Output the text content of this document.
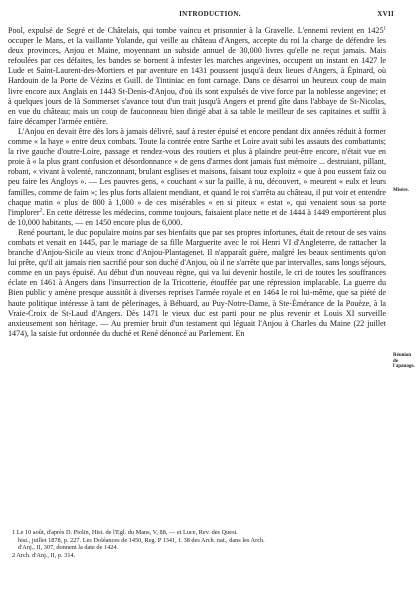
INTRODUCTION.	XVII

Pool, expulsé de Segré et de Châtelais, qui tombe vaincu et prisonnier à la Gravelle. L'ennemi revient en 1425$^1$ occuper le Mans, et la vaillante Yolande, qui veille au château d'Angers, accepte du roi la charge de défendre les deux provinces, Anjou et Maine, moyennant un subside annuel de 30,000 livres qu'elle ne reçut jamais. Mais refoulées par ces défaites, les bandes se bornent à infester les marches angevines, occupent un instant en 1427 le Lude et Saint-Laurent-des-Mortiers et par aventure en 1431 poussent jusqu'à deux lieues d'Angers, à Épinard, où Hardouin de la Porte de Vézins et Guill. de Tintiniac en font carnage. Dans ce désarroi un heureux coup de main livre encore aux Anglais en 1443 St-Denis-d'Anjou, d'où ils sont expulsés de vive force par la noblesse angevine; et à quelques jours de là Sommerset s'avance tout d'un trait jusqu'à Angers et prend gîte dans l'abbaye de St-Nicolas, en vue du château; mais un coup de fauconneau bien dirigé abat à sa table le meilleur de ses capitaines et suffit à faire décamper l'armée entière.

L'Anjou en devait être dès lors à jamais délivré, sauf à rester épuisé et encore pendant dix années réduit à former comme « la haye » entre deux combats. Toute la contrée entre Sarthe et Loire avait subi les assauts des combattants; la rive gauche d'outre-Loire, passage et rendez-vous des routiers et plus à plaindre peut-être encore, n'était vue en proie à « la plus grant confusion et désordonnance « de gens d'armes dont jamais fust mémoire ... destruiant, pillant, robant, « vivant à volenté, ranczonnant, brulant esglises et maisons, faisant touz exploitz « que à pou eussent faiz ou peu faire les Angloys ». — Les pauvres gens, « couchant « sur la paille, à nu, découvert, » meurent « eulx et leurs familles, comme de faim »; les plus forts allaient mendiant, et quand le roi s'arrêta au château, il put voir et entendre chaque matin « plus de 800 à 1,000 » de ces misérables « en si piteux « estat », qui venaient sous sa porte l'implorer$^2$. En cette détresse les médecins, comme toujours, faisaient place nette et de 1444 à 1449 emportèrent plus de 10,000 habitants, — en 1450 encore plus de 6,000.

René pourtant, le duc populaire moins par ses bienfaits que par ses propres infortunes, était de retour de ses vains combats et venait en 1445, par le mariage de sa fille Marguerite avec le roi Henri VI d'Angleterre, de rattacher la branche d'Anjou-Sicile au vieux tronc d'Anjou-Plantagenet. Il n'apparaît guère, malgré les beaux sentiments qu'on lui prête, qu'il ait jamais rien sacrifié pour son duché d'Anjou, où il ne s'arrête que par intervalles, sans longs séjours, comme en un pays épuisé. Au début d'un nouveau règne, qui va lui devenir hostile, le cri de toutes les souffrances éclate en 1461 à Angers dans l'insurrection de la Tricotterie, étouffée par une répression implacable. La guerre du Bien public y amène presque aussitôt à diverses reprises l'armée royale et en 1464 le roi lui-même, que sa piété de haute politique intéresse à tant de pèlerinages, à Béhuard, au Puy-Notre-Dame, à Ste-Émérance de la Pouèze, à la Vraie-Croix de St-Laud d'Angers. Dès 1471 le vieux duc est parti pour ne plus revenir et Louis XI surveille anxieusement son héritage. — Au premier bruit d'un testament qui léguait l'Anjou à Charles du Maine (22 juillet 1474), la saisie fut ordonnée du duché et René dénoncé au Parlement. En

Misère.
Réunion
de l'apanage.

1 Le 10 août, d'après D. Piolin, Hist. de l'Egl. du Mans, V, 88, — et Luce, Rev. des Quest.

hist., juillet 1878, p. 227. Les Doléances de 1450, Reg. P 1341, f. 38 des Arch. nat., dans les Arch.

d'Anj., II, 307, donnent la date de 1424.

2 Arch. d'Anj., II, p. 314.
